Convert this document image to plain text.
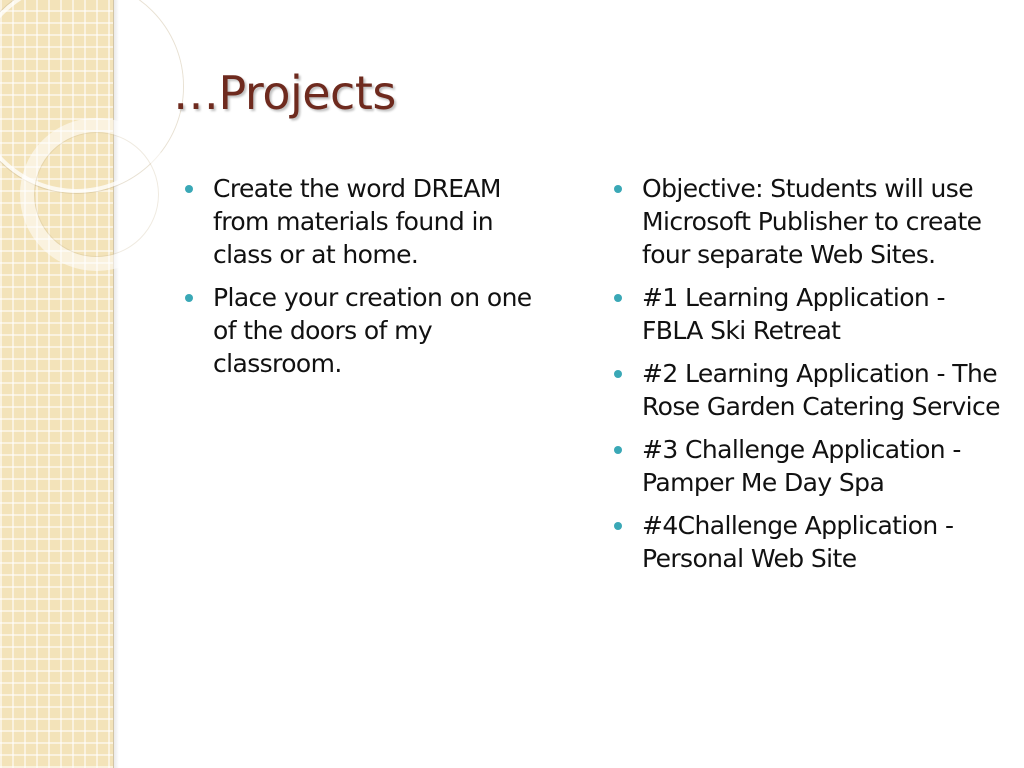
…Projects
Create the word DREAM from materials found in class or at home.
Place your creation on one of the doors of my classroom.
Objective: Students will use Microsoft Publisher to create four separate Web Sites.
#1 Learning Application - FBLA Ski Retreat
#2 Learning Application - The Rose Garden Catering Service
#3 Challenge Application - Pamper Me Day Spa
#4Challenge Application - Personal Web Site
